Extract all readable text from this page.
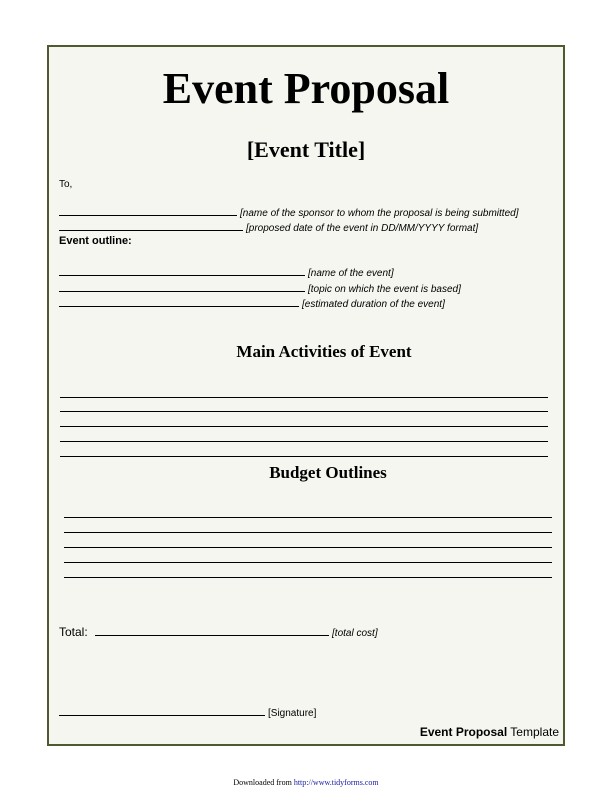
Event Proposal
[Event Title]
To,
[name of the sponsor to whom the proposal is being submitted]
[proposed date of the event in DD/MM/YYYY format]
Event outline:
[name of the event]
[topic on which the event is based]
[estimated duration of the event]
Main Activities of Event
Budget Outlines
Total:	[total cost]
[Signature]
Event Proposal Template
Downloaded from http://www.tidyforms.com
